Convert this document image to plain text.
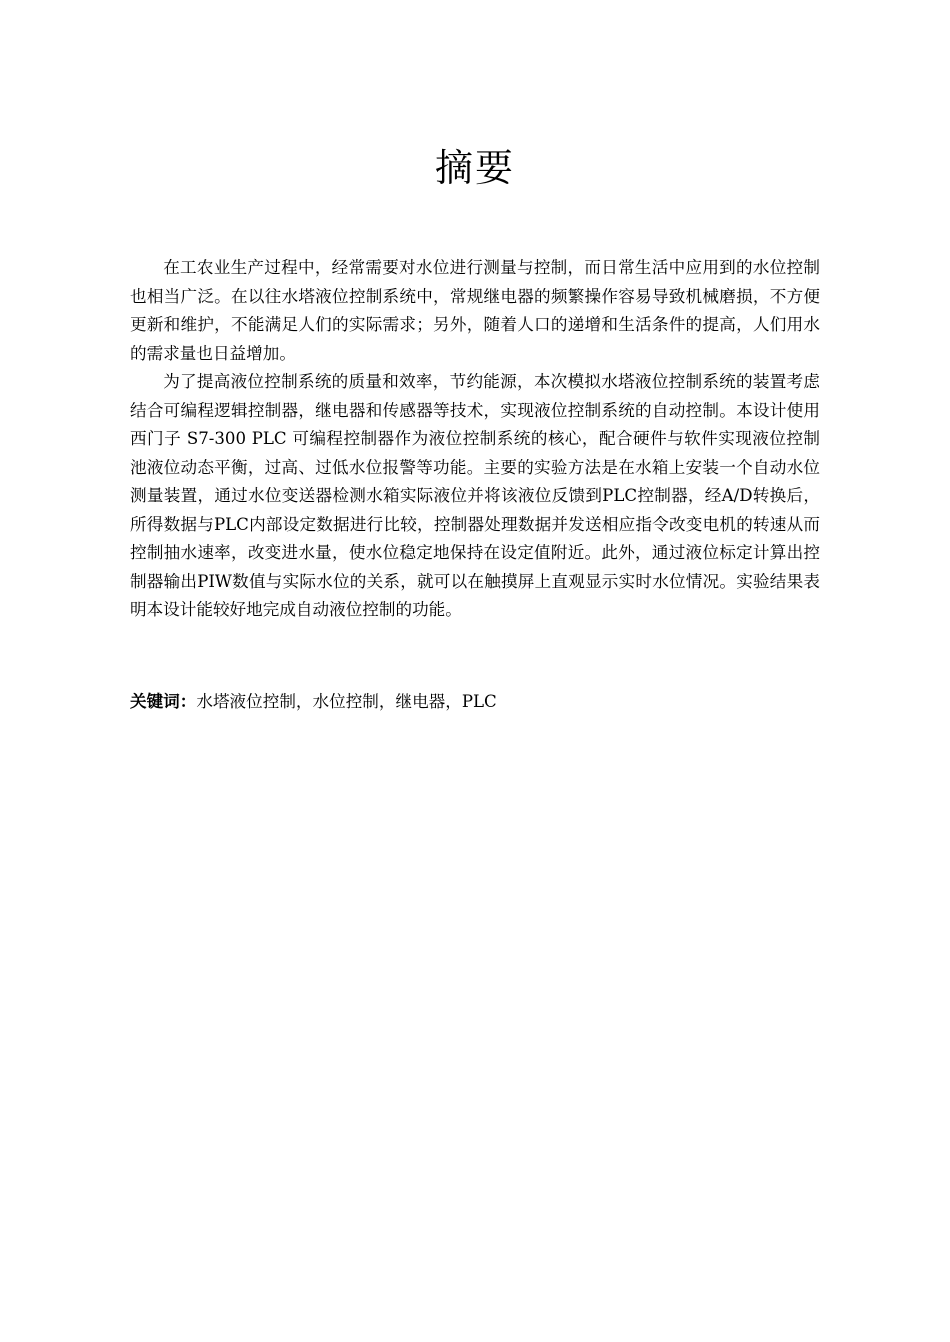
摘要

在工农业生产过程中，经常需要对水位进行测量与控制，而日常生活中应用到的水位控制也相当广泛。在以往水塔液位控制系统中，常规继电器的频繁操作容易导致机械磨损，不方便更新和维护，不能满足人们的实际需求；另外，随着人口的递增和生活条件的提高，人们用水的需求量也日益增加。

为了提高液位控制系统的质量和效率，节约能源，本次模拟水塔液位控制系统的装置考虑结合可编程逻辑控制器，继电器和传感器等技术，实现液位控制系统的自动控制。本设计使用西门子 S7-300 PLC 可编程控制器作为液位控制系统的核心，配合硬件与软件实现液位控制池液位动态平衡，过高、过低水位报警等功能。主要的实验方法是在水箱上安装一个自动水位测量装置，通过水位变送器检测水箱实际液位并将该液位反馈到PLC控制器，经A/D转换后，所得数据与PLC内部设定数据进行比较，控制器处理数据并发送相应指令改变电机的转速从而控制抽水速率，改变进水量，使水位稳定地保持在设定值附近。此外，通过液位标定计算出控制器输出PIW数值与实际水位的关系，就可以在触摸屏上直观显示实时水位情况。实验结果表明本设计能较好地完成自动液位控制的功能。

关键词：水塔液位控制，水位控制，继电器，PLC
